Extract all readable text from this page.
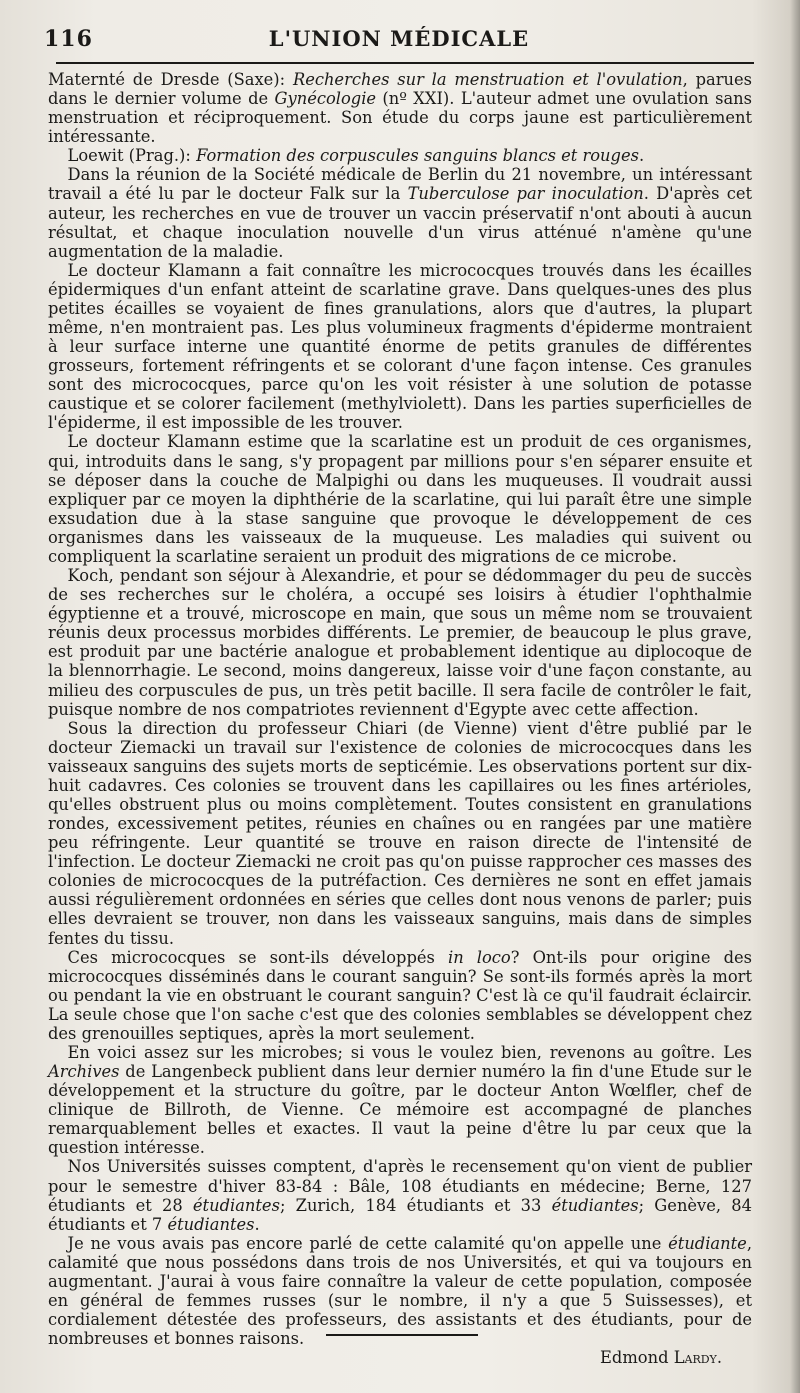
116	L'UNION MÉDICALE

Maternté de Dresde (Saxe): Recherches sur la menstruation et l'ovulation, parues dans le dernier volume de Gynécologie (nº XXI). L'auteur admet une ovulation sans menstruation et réciproquement. Son étude du corps jaune est particulièrement intéressante.

Loewit (Prag.): Formation des corpuscules sanguins blancs et rouges.

Dans la réunion de la Société médicale de Berlin du 21 novembre, un intéressant travail a été lu par le docteur Falk sur la Tuberculose par inoculation. D'après cet auteur, les recherches en vue de trouver un vaccin préservatif n'ont abouti à aucun résultat, et chaque inoculation nouvelle d'un virus atténué n'amène qu'une augmentation de la maladie.

Le docteur Klamann a fait connaître les micrococques trouvés dans les écailles épidermiques d'un enfant atteint de scarlatine grave. Dans quelques-unes des plus petites écailles se voyaient de fines granulations, alors que d'autres, la plupart même, n'en montraient pas. Les plus volumineux fragments d'épiderme montraient à leur surface interne une quantité énorme de petits granules de différentes grosseurs, fortement réfringents et se colorant d'une façon intense. Ces granules sont des micrococques, parce qu'on les voit résister à une solution de potasse caustique et se colorer facilement (methylviolett). Dans les parties superficielles de l'épiderme, il est impossible de les trouver.

Le docteur Klamann estime que la scarlatine est un produit de ces organismes, qui, introduits dans le sang, s'y propagent par millions pour s'en séparer ensuite et se déposer dans la couche de Malpighi ou dans les muqueuses. Il voudrait aussi expliquer par ce moyen la diphthérie de la scarlatine, qui lui paraît être une simple exsudation due à la stase sanguine que provoque le développement de ces organismes dans les vaisseaux de la muqueuse. Les maladies qui suivent ou compliquent la scarlatine seraient un produit des migrations de ce microbe.

Koch, pendant son séjour à Alexandrie, et pour se dédommager du peu de succès de ses recherches sur le choléra, a occupé ses loisirs à étudier l'ophthalmie égyptienne et a trouvé, microscope en main, que sous un même nom se trouvaient réunis deux processus morbides différents. Le premier, de beaucoup le plus grave, est produit par une bactérie analogue et probablement identique au diplocoque de la blennorrhagie. Le second, moins dangereux, laisse voir d'une façon constante, au milieu des corpuscules de pus, un très petit bacille. Il sera facile de contrôler le fait, puisque nombre de nos compatriotes reviennent d'Egypte avec cette affection.

Sous la direction du professeur Chiari (de Vienne) vient d'être publié par le docteur Ziemacki un travail sur l'existence de colonies de micrococques dans les vaisseaux sanguins des sujets morts de septicémie. Les observations portent sur dix-huit cadavres. Ces colonies se trouvent dans les capillaires ou les fines artérioles, qu'elles obstruent plus ou moins complètement. Toutes consistent en granulations rondes, excessivement petites, réunies en chaînes ou en rangées par une matière peu réfringente. Leur quantité se trouve en raison directe de l'intensité de l'infection. Le docteur Ziemacki ne croit pas qu'on puisse rapprocher ces masses des colonies de micrococques de la putréfaction. Ces dernières ne sont en effet jamais aussi régulièrement ordonnées en séries que celles dont nous venons de parler; puis elles devraient se trouver, non dans les vaisseaux sanguins, mais dans de simples fentes du tissu.

Ces micrococques se sont-ils développés in loco? Ont-ils pour origine des micrococques disséminés dans le courant sanguin? Se sont-ils formés après la mort ou pendant la vie en obstruant le courant sanguin? C'est là ce qu'il faudrait éclaircir. La seule chose que l'on sache c'est que des colonies semblables se développent chez des grenouilles septiques, après la mort seulement.

En voici assez sur les microbes; si vous le voulez bien, revenons au goître. Les Archives de Langenbeck publient dans leur dernier numéro la fin d'une Etude sur le développement et la structure du goître, par le docteur Anton Wœlfler, chef de clinique de Billroth, de Vienne. Ce mémoire est accompagné de planches remarquablement belles et exactes. Il vaut la peine d'être lu par ceux que la question intéresse.

Nos Universités suisses comptent, d'après le recensement qu'on vient de publier pour le semestre d'hiver 83-84 : Bâle, 108 étudiants en médecine; Berne, 127 étudiants et 28 étudiantes; Zurich, 184 étudiants et 33 étudiantes; Genève, 84 étudiants et 7 étudiantes.

Je ne vous avais pas encore parlé de cette calamité qu'on appelle une étudiante, calamité que nous possédons dans trois de nos Universités, et qui va toujours en augmentant. J'aurai à vous faire connaître la valeur de cette population, composée en général de femmes russes (sur le nombre, il n'y a que 5 Suissesses), et cordialement détestée des professeurs, des assistants et des étudiants, pour de nombreuses et bonnes raisons.

Edmond Lardy.
